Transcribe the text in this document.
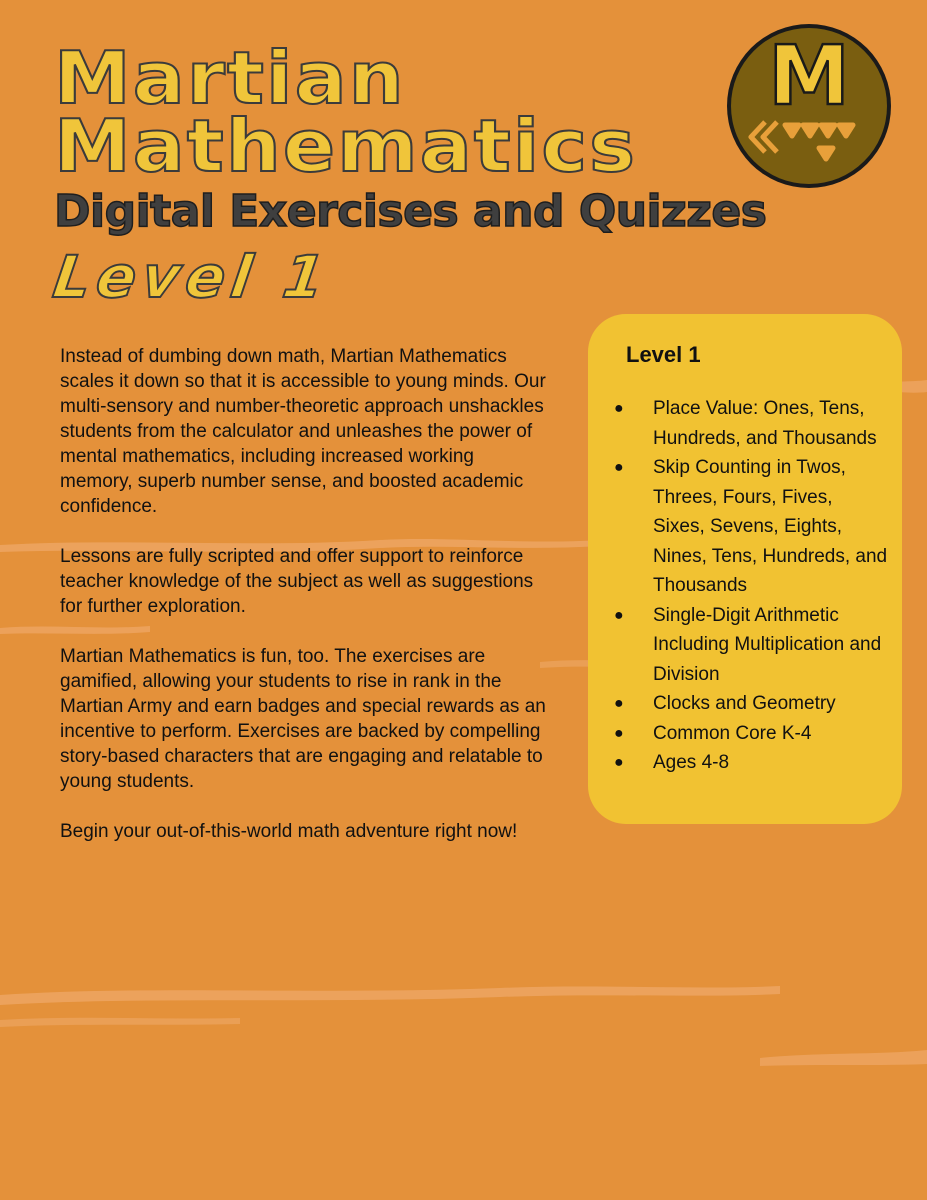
Martian
Mathematics
Digital Exercises and Quizzes
Level 1
M

Instead of dumbing down math, Martian Mathematics scales it down so that it is accessible to young minds. Our multi-sensory and number-theoretic approach unshackles students from the calculator and unleashes the power of mental mathematics, including increased working memory, superb number sense, and boosted academic confidence.

Lessons are fully scripted and offer support to reinforce teacher knowledge of the subject as well as suggestions for further exploration.

Martian Mathematics is fun, too. The exercises are gamified, allowing your students to rise in rank in the Martian Army and earn badges and special rewards as an incentive to perform. Exercises are backed by compelling story-based characters that are engaging and relatable to young students.

Begin your out-of-this-world math adventure right now!

Level 1
● Place Value: Ones, Tens, Hundreds, and Thousands
● Skip Counting in Twos, Threes, Fours, Fives, Sixes, Sevens, Eights, Nines, Tens, Hundreds, and Thousands
● Single-Digit Arithmetic Including Multiplication and Division
● Clocks and Geometry
● Common Core K-4
● Ages 4-8
